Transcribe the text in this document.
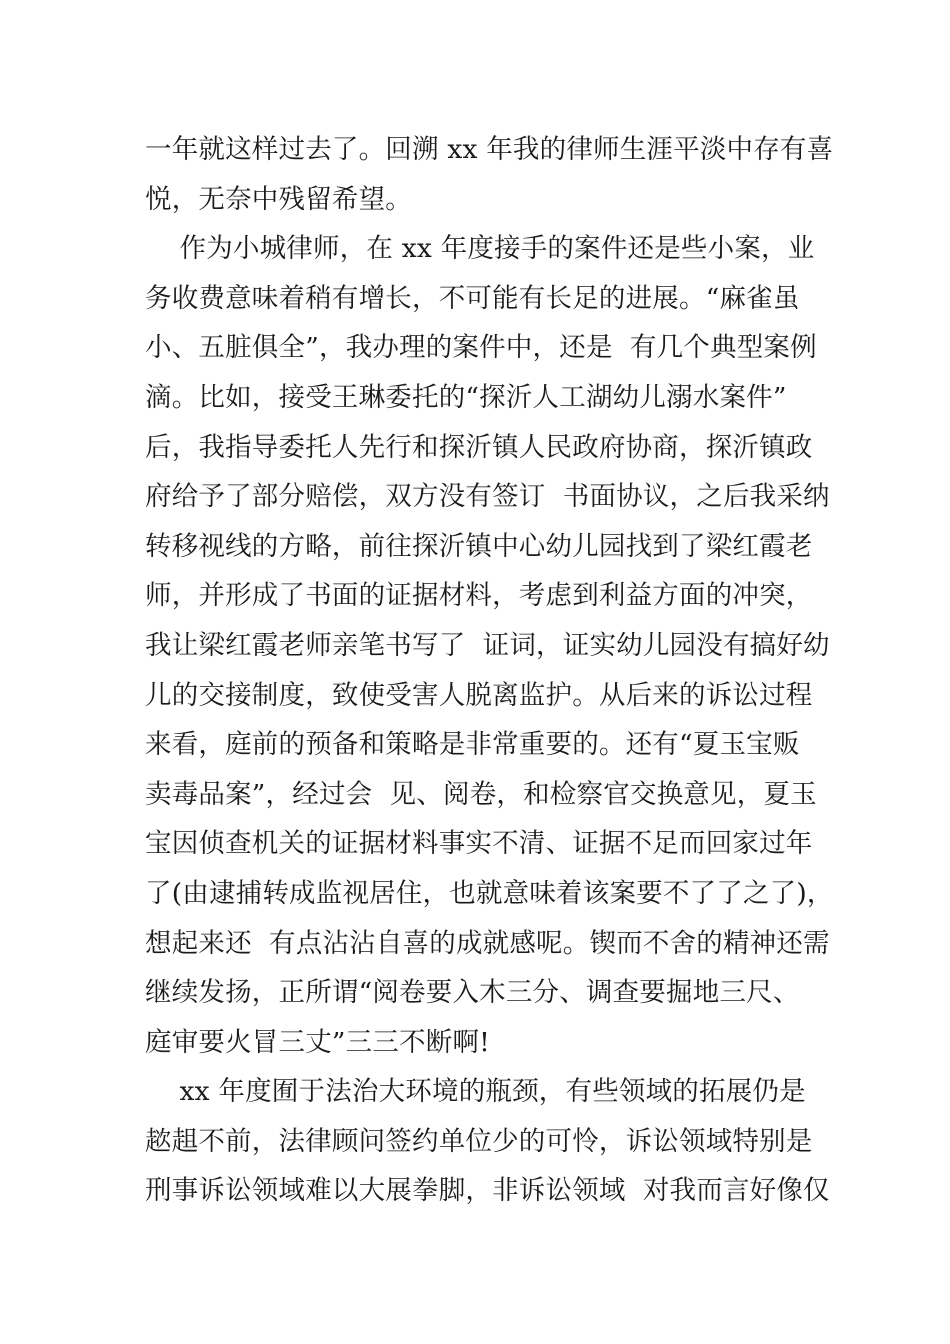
一年就这样过去了。回溯 xx 年我的律师生涯平淡中存有喜
悦，无奈中残留希望。
作为小城律师，在 xx 年度接手的案件还是些小案，业
务收费意味着稍有增长，不可能有长足的进展。“麻雀虽
小、五脏俱全”，我办理的案件中，还是  有几个典型案例
滴。比如，接受王琳委托的“探沂人工湖幼儿溺水案件”
后，我指导委托人先行和探沂镇人民政府协商，探沂镇政
府给予了部分赔偿，双方没有签订  书面协议，之后我采纳
转移视线的方略，前往探沂镇中心幼儿园找到了梁红霞老
师，并形成了书面的证据材料，考虑到利益方面的冲突，
我让梁红霞老师亲笔书写了  证词，证实幼儿园没有搞好幼
儿的交接制度，致使受害人脱离监护。从后来的诉讼过程
来看，庭前的预备和策略是非常重要的。还有“夏玉宝贩
卖毒品案”，经过会  见、阅卷，和检察官交换意见，夏玉
宝因侦查机关的证据材料事实不清、证据不足而回家过年
了(由逮捕转成监视居住，也就意味着该案要不了了之了)，
想起来还  有点沾沾自喜的成就感呢。锲而不舍的精神还需
继续发扬，正所谓“阅卷要入木三分、调查要掘地三尺、
庭审要火冒三丈”三三不断啊!
xx 年度囿于法治大环境的瓶颈，有些领域的拓展仍是
趑趄不前，法律顾问签约单位少的可怜，诉讼领域特别是
刑事诉讼领域难以大展拳脚，非诉讼领域  对我而言好像仅
